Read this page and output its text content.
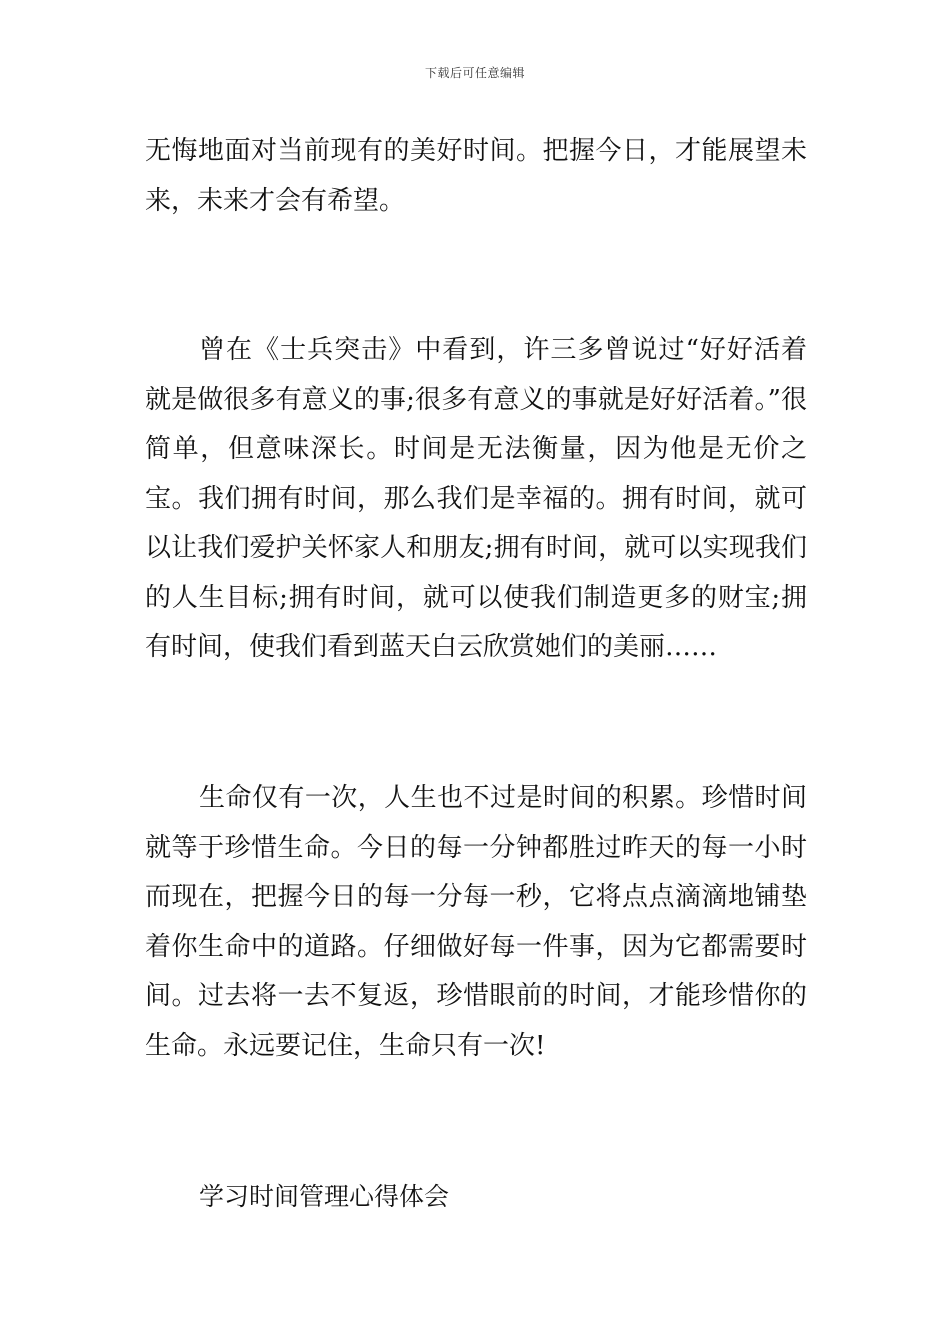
下载后可任意编辑

无悔地面对当前现有的美好时间。把握今日，才能展望未来，未来才会有希望。

曾在《士兵突击》中看到，许三多曾说过“好好活着就是做很多有意义的事;很多有意义的事就是好好活着。”很简单，但意味深长。时间是无法衡量，因为他是无价之宝。我们拥有时间，那么我们是幸福的。拥有时间，就可以让我们爱护关怀家人和朋友;拥有时间，就可以实现我们的人生目标;拥有时间，就可以使我们制造更多的财宝;拥有时间，使我们看到蓝天白云欣赏她们的美丽……

生命仅有一次，人生也不过是时间的积累。珍惜时间就等于珍惜生命。今日的每一分钟都胜过昨天的每一小时而现在，把握今日的每一分每一秒，它将点点滴滴地铺垫着你生命中的道路。仔细做好每一件事，因为它都需要时间。过去将一去不复返，珍惜眼前的时间，才能珍惜你的生命。永远要记住，生命只有一次!

学习时间管理心得体会
